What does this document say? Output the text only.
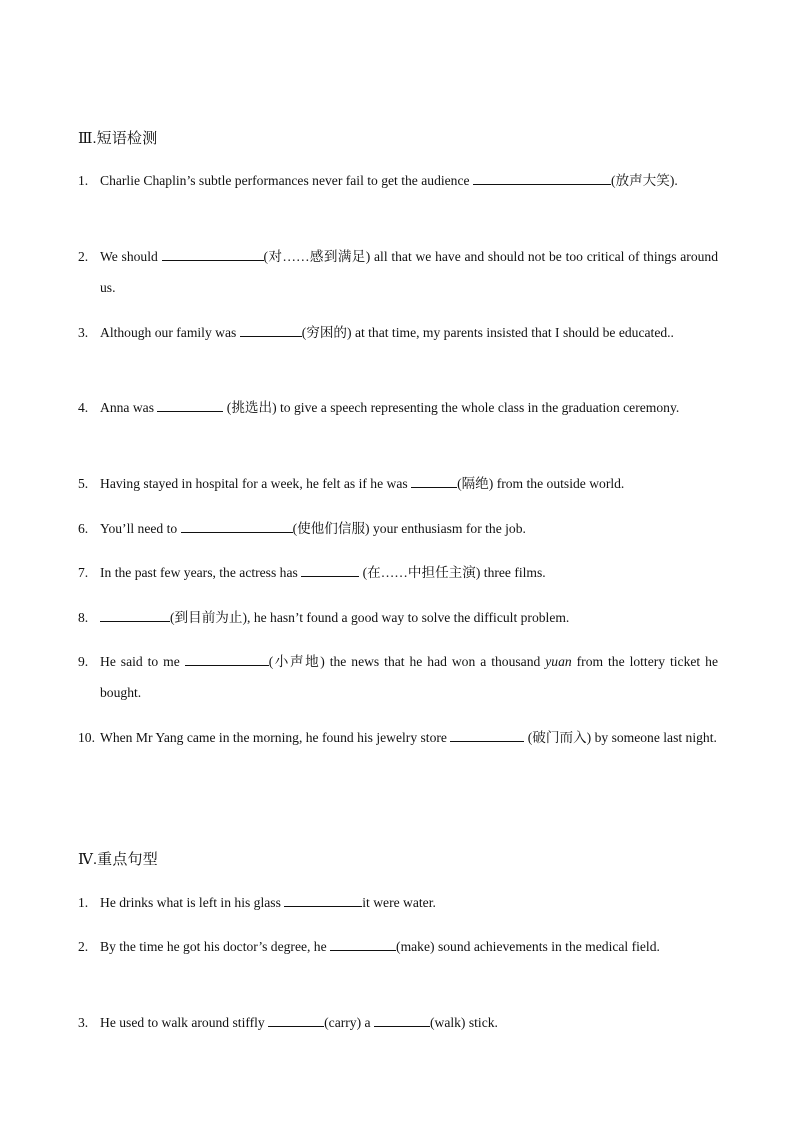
Ⅲ.短语检测
1. Charlie Chaplin’s subtle performances never fail to get the audience	(放声大笑).
2. We should	(对……感到满足) all that we have and should not be too critical of things around us.
3. Although our family was	(穷困的) at that time, my parents insisted that I should be educated..
4. Anna was	(挑选出) to give a speech representing the whole class in the graduation ceremony.
5. Having stayed in hospital for a week, he felt as if he was	(隔绝) from the outside world.
6. You’ll need to	(使他们信服) your enthusiasm for the job.
7. In the past few years, the actress has	(在……中担任主演) three films.
8.	(到目前为止), he hasn’t found a good way to solve the difficult problem.
9. He said to me	(小声地) the news that he had won a thousand yuan from the lottery ticket he bought.
10. When Mr Yang came in the morning, he found his jewelry store	(破门而入) by someone last night.
Ⅳ.重点句型
1. He drinks what is left in his glass	it were water.
2. By the time he got his doctor’s degree, he	(make) sound achievements in the medical field.
3. He used to walk around stiffly	(carry) a	(walk) stick.
